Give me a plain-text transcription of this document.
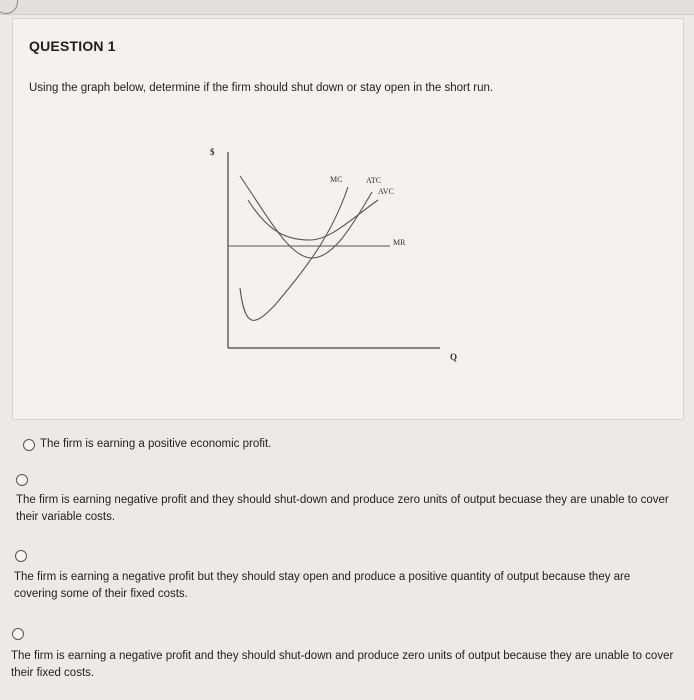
QUESTION 1
Using the graph below, determine if the firm should shut down or stay open in the short run.
$
Q
MC	ATC
AVC
MR
The firm is earning a positive economic profit.
The firm is earning negative profit and they should shut-down and produce zero units of output becuase they are unable to cover their variable costs.
The firm is earning a negative profit but they should stay open and produce a positive quantity of output because they are covering some of their fixed costs.
The firm is earning a negative profit and they should shut-down and produce zero units of output because they are unable to cover their fixed costs.
